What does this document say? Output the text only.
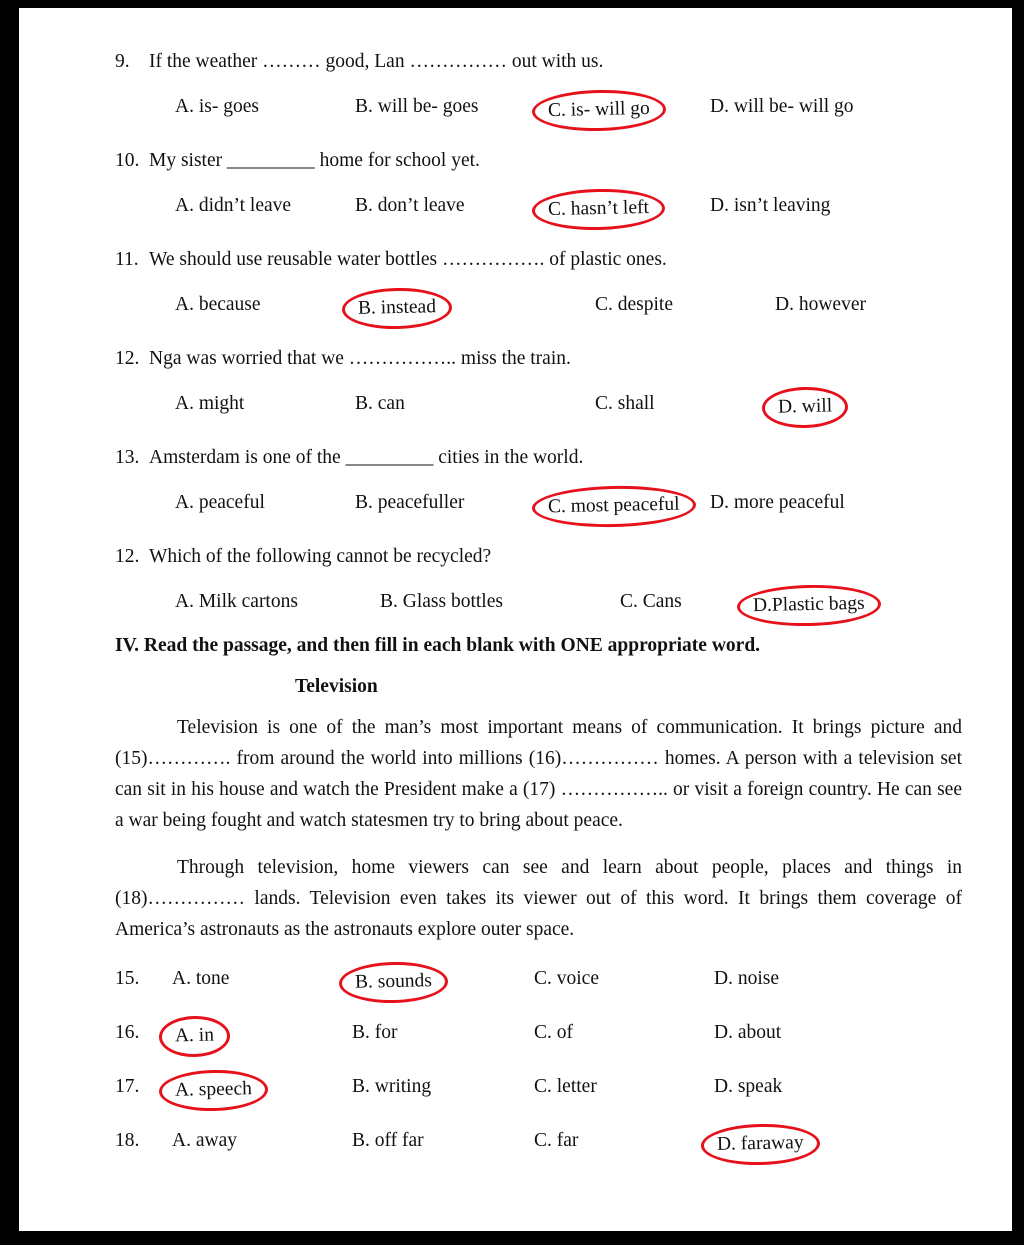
9. If the weather ……… good, Lan …………… out with us.
A. is- goes	B. will be- goes	C. is- will go	D. will be- will go
10. My sister _________ home for school yet.
A. didn’t leave	B. don’t leave	C. hasn’t left	D. isn’t leaving
11. We should use reusable water bottles ……………. of plastic ones.
A. because	B. instead	C. despite	D. however
12. Nga was worried that we …………….. miss the train.
A. might	B. can	C. shall	D. will
13. Amsterdam is one of the _________ cities in the world.
A. peaceful	B. peacefuller	C. most peaceful	D. more peaceful
12. Which of the following cannot be recycled?
A. Milk cartons	B. Glass bottles	C. Cans	D.Plastic bags
IV. Read the passage, and then fill in each blank with ONE appropriate word.
Television

Television is one of the man’s most important means of communication. It brings picture and (15)…………. from around the world into millions (16)…………… homes. A person with a television set can sit in his house and watch the President make a (17) …………….. or visit a foreign country. He can see a war being fought and watch statesmen try to bring about peace.

Through television, home viewers can see and learn about people, places and things in (18)…………… lands. Television even takes its viewer out of this word. It brings them coverage of America’s astronauts as the astronauts explore outer space.

15.	A. tone	B. sounds	C. voice	D. noise
16.	A. in	B. for	C. of	D. about
17.	A. speech	B. writing	C. letter	D. speak
18.	A. away	B. off far	C. far	D. faraway
